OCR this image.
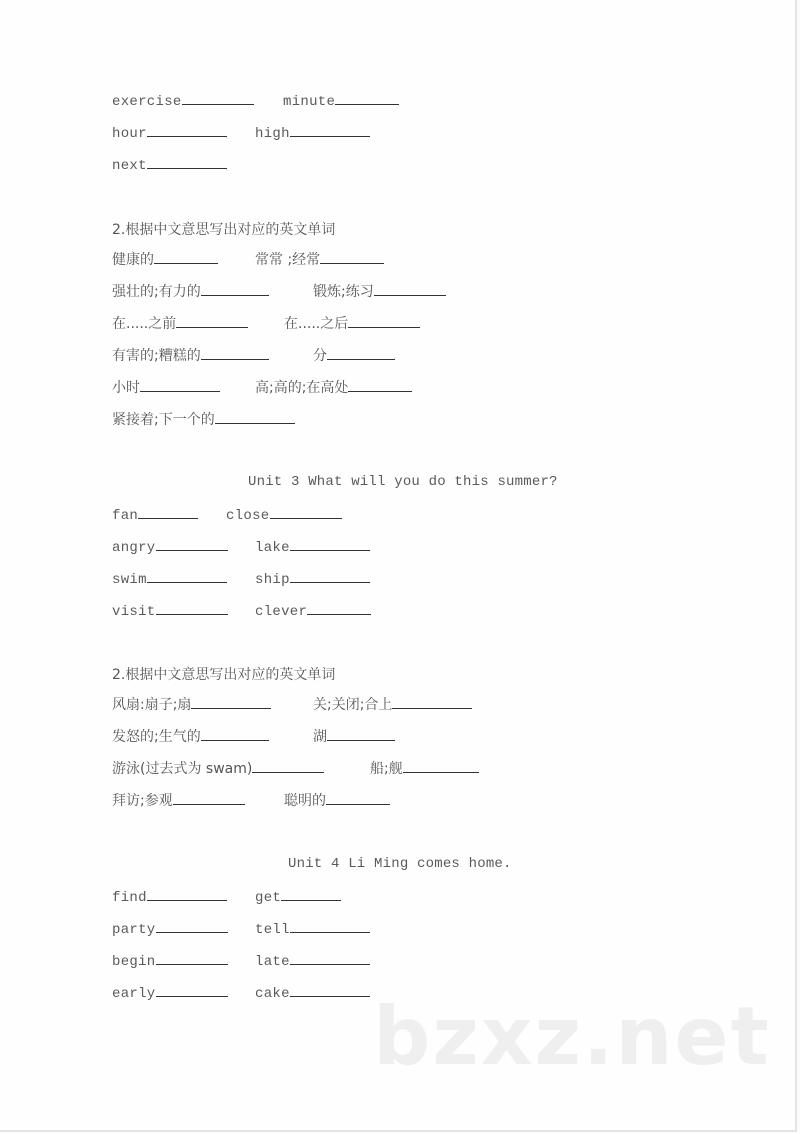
exercise	minute
hour	high
next
2.根据中文意思写出对应的英文单词
健康的	常常 ;经常
强壮的;有力的	锻炼;练习
在.....之前	在.....之后
有害的;糟糕的	分
小时	高;高的;在高处
紧接着;下一个的
Unit 3 What will you do this summer?
fan	close
angry	lake
swim	ship
visit	clever
2.根据中文意思写出对应的英文单词
风扇:扇子;扇	关;关闭;合上
发怒的;生气的	湖
游泳(过去式为 swam)	船;舰
拜访;参观	聪明的
Unit 4 Li Ming comes home.
find	get
party	tell
begin	late
early	cake	bzxz.net
